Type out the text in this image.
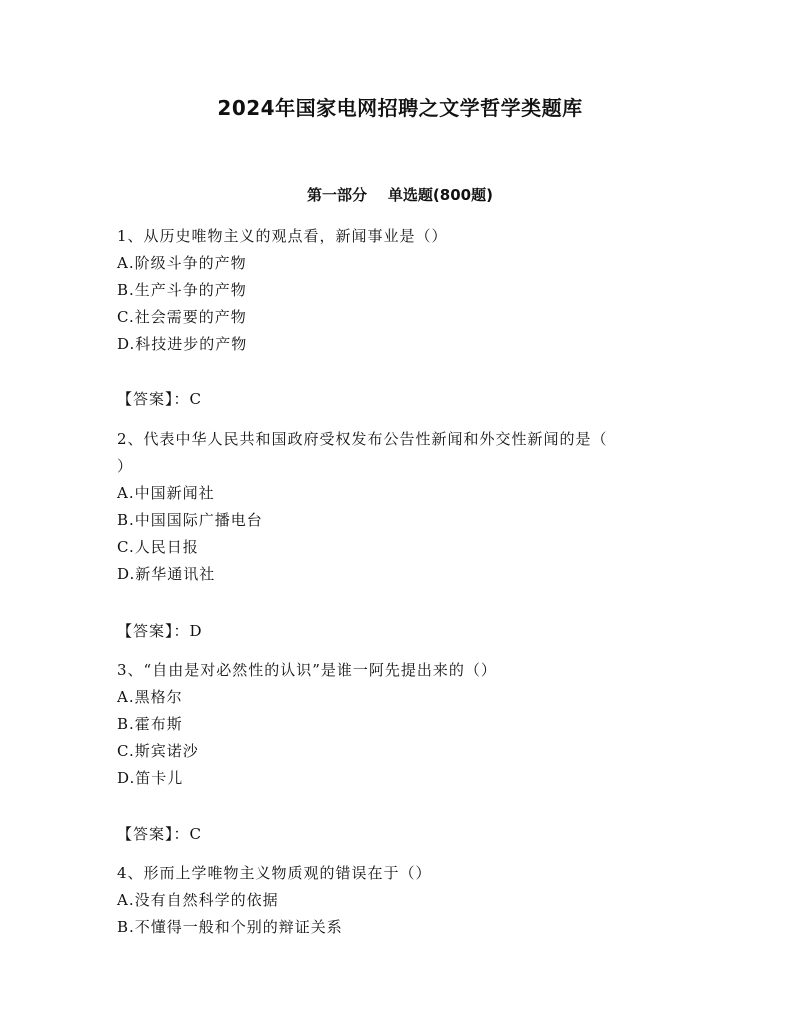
2024年国家电网招聘之文学哲学类题库
第一部分    单选题(800题)
1、从历史唯物主义的观点看，新闻事业是（）
A.阶级斗争的产物
B.生产斗争的产物
C.社会需要的产物
D.科技进步的产物
【答案】：C
2、代表中华人民共和国政府受权发布公告性新闻和外交性新闻的是（
）
A.中国新闻社
B.中国国际广播电台
C.人民日报
D.新华通讯社
【答案】：D
3、“自由是对必然性的认识”是谁一阿先提出来的（）
A.黑格尔
B.霍布斯
C.斯宾诺沙
D.笛卡儿
【答案】：C
4、形而上学唯物主义物质观的错误在于（）
A.没有自然科学的依据
B.不懂得一般和个别的辩证关系
